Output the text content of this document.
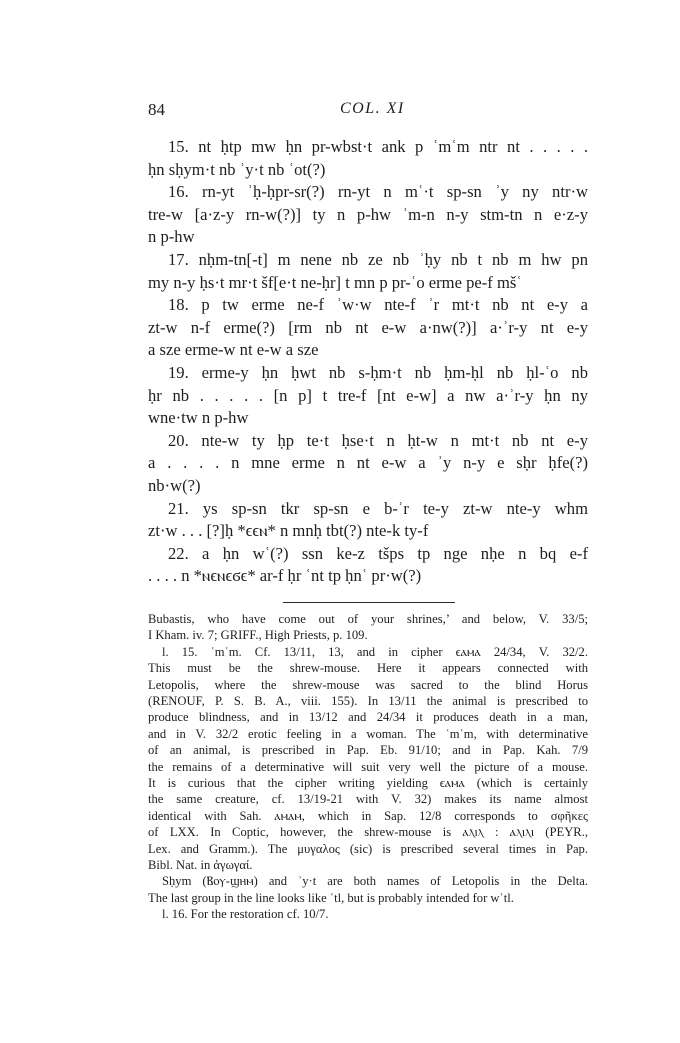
84	COL. XI
15. nt ḥtp mw ḥn pr-wbst·t ank p ʿmʿm ntr nt . . . . .
ḥn sḥym·t nb ʾy·t nb ʿot(?)
16. rn-yt ʾḥ-ḥpr-sr(?) rn-yt n mʿ·t sp-sn ʾy ny ntr·w
tre-w [a·z-y rn-w(?)] ty n p-hw ʾm-n n-y stm-tn n e·z-y
n p-hw
17. nḥm-tn[-t] m nene nb ze nb ʾḥy nb t nb m hw pn
my n-y ḥs·t mr·t šf[e·t ne-ḥr] t mn p pr-ʿo erme pe-f mšʿ
18. p tw erme ne-f ʾw·w nte-f ʾr mt·t nb nt e-y a
zt-w n-f erme(?) [rm nb nt e-w a·nw(?)] a·ʾr-y nt e-y
a sze erme-w nt e-w a sze
19. erme-y ḥn ḥwt nb s-ḥm·t nb ḥm-ḥl nb ḥl-ʿo nb
ḥr nb . . . . . [n p] t tre-f [nt e-w] a nw a·ʾr-y ḥn ny
wne·tw n p-hw
20. nte-w ty ḥp te·t ḥse·t n ḥt-w n mt·t nb nt e-y
a . . . . n mne erme n nt e-w a ʾy n-y e sḥr ḥfe(?)
nb·w(?)
21. ys sp-sn tkr sp-sn e b-ʾr te-y zt-w nte-y whm
zt·w . . . [?]ḥ *ϵϵⲛ* n mnḥ tbt(?) nte-k ty-f
22. a ḥn wʿ(?) ssn ke-z tšps tp nge nḥe n bq e-f
. . . . n *ⲛϵⲛϵϭϵ* ar-f ḥr ʿnt tp ḥnʿ pr·w(?)
Bubastis, who have come out of your shrines,’ and below, V. 33/5;
I Kham. iv. 7; GRIFF., High Priests, p. 109.
l. 15. ʿmʿm. Cf. 13/11, 13, and in cipher ϵⲁⲙⲁ 24/34, V. 32/2.
This must be the shrew-mouse. Here it appears connected with
Letopolis, where the shrew-mouse was sacred to the blind Horus
(RENOUF, P. S. B. A., viii. 155). In 13/11 the animal is prescribed to
produce blindness, and in 13/12 and 24/34 it produces death in a man,
and in V. 32/2 erotic feeling in a woman. The ʿmʿm, with determinative
of an animal, is prescribed in Pap. Eb. 91/10; and in Pap. Kah. 7/9
the remains of a determinative will suit very well the picture of a mouse.
It is curious that the cipher writing yielding ϵⲁⲙⲁ (which is certainly
the same creature, cf. 13/19-21 with V. 32) makes its name almost
identical with Sah. ⲁⲙⲁⲙ, which in Sap. 12/8 corresponds to σφῆκες
of LXX. In Coptic, however, the shrew-mouse is ⲁⲗⲓⲗ : ⲁⲗⲓⲗⲓ (PEYR.,
Lex. and Gramm.). The μυγαλος (sic) is prescribed several times in Pap.
Bibl. Nat. in ἀγωγαί.
Sḥym (Ⲃⲟⲩ-ϣⲏⲙ) and ʾy·t are both names of Letopolis in the Delta.
The last group in the line looks like ʿtl, but is probably intended for wʿtl.
l. 16. For the restoration cf. 10/7.
